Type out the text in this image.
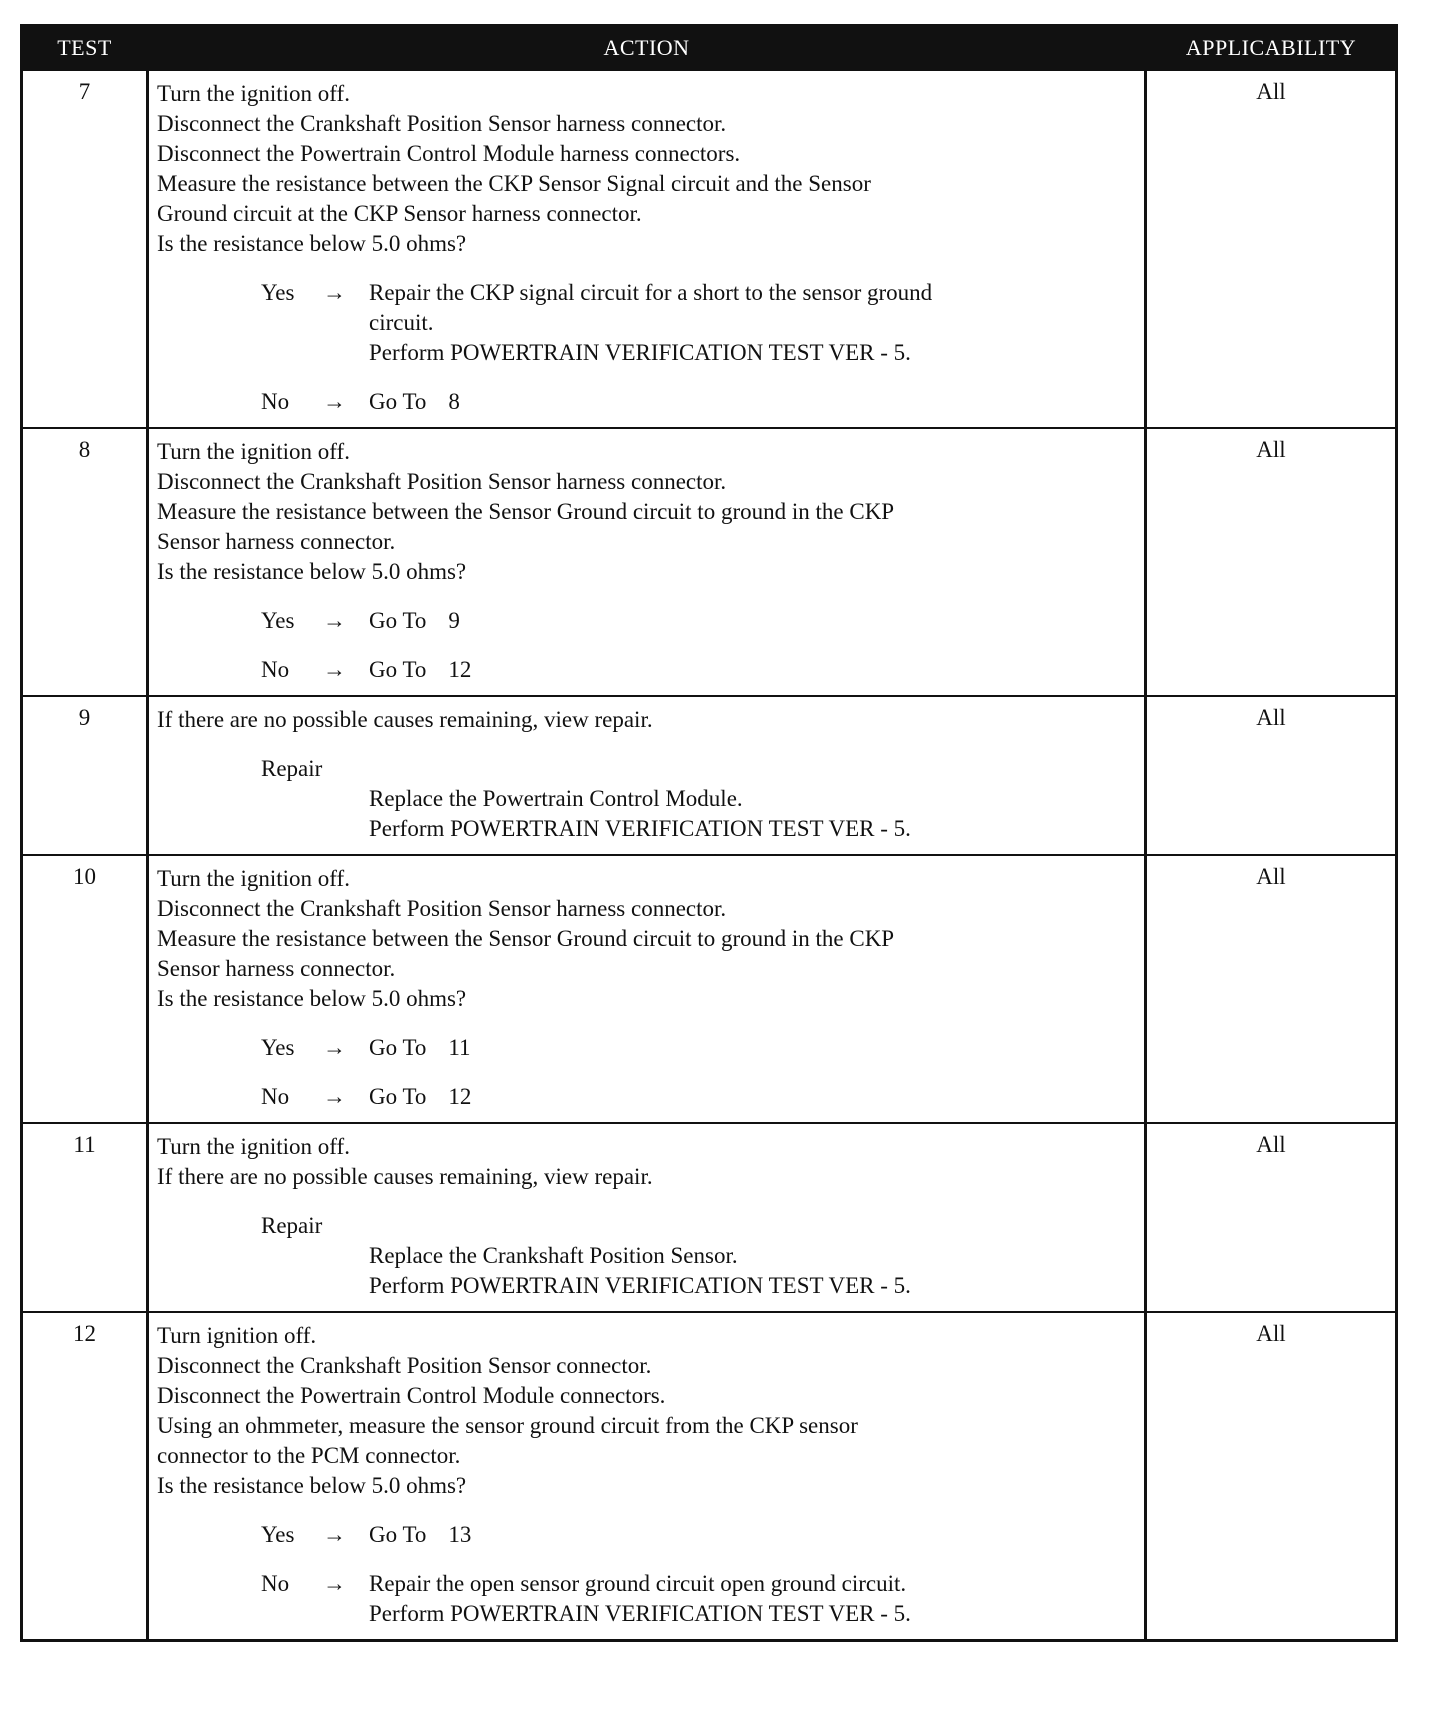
TEST	ACTION	APPLICABILITY
7	Turn the ignition off.
Disconnect the Crankshaft Position Sensor harness connector.
Disconnect the Powertrain Control Module harness connectors.
Measure the resistance between the CKP Sensor Signal circuit and the Sensor
Ground circuit at the CKP Sensor harness connector.
Is the resistance below 5.0 ohms?
Yes	→	Repair the CKP signal circuit for a short to the sensor ground
circuit.
Perform POWERTRAIN VERIFICATION TEST VER - 5.
No	→	Go To 8
All
8	Turn the ignition off.
Disconnect the Crankshaft Position Sensor harness connector.
Measure the resistance between the Sensor Ground circuit to ground in the CKP
Sensor harness connector.
Is the resistance below 5.0 ohms?
Yes	→	Go To 9
No	→	Go To 12
All
9	If there are no possible causes remaining, view repair.
Repair
Replace the Powertrain Control Module.
Perform POWERTRAIN VERIFICATION TEST VER - 5.
All
10	Turn the ignition off.
Disconnect the Crankshaft Position Sensor harness connector.
Measure the resistance between the Sensor Ground circuit to ground in the CKP
Sensor harness connector.
Is the resistance below 5.0 ohms?
Yes	→	Go To 11
No	→	Go To 12
All
11	Turn the ignition off.
If there are no possible causes remaining, view repair.
Repair
Replace the Crankshaft Position Sensor.
Perform POWERTRAIN VERIFICATION TEST VER - 5.
All
12	Turn ignition off.
Disconnect the Crankshaft Position Sensor connector.
Disconnect the Powertrain Control Module connectors.
Using an ohmmeter, measure the sensor ground circuit from the CKP sensor
connector to the PCM connector.
Is the resistance below 5.0 ohms?
Yes	→	Go To 13
No	→	Repair the open sensor ground circuit open ground circuit.
Perform POWERTRAIN VERIFICATION TEST VER - 5.
All
